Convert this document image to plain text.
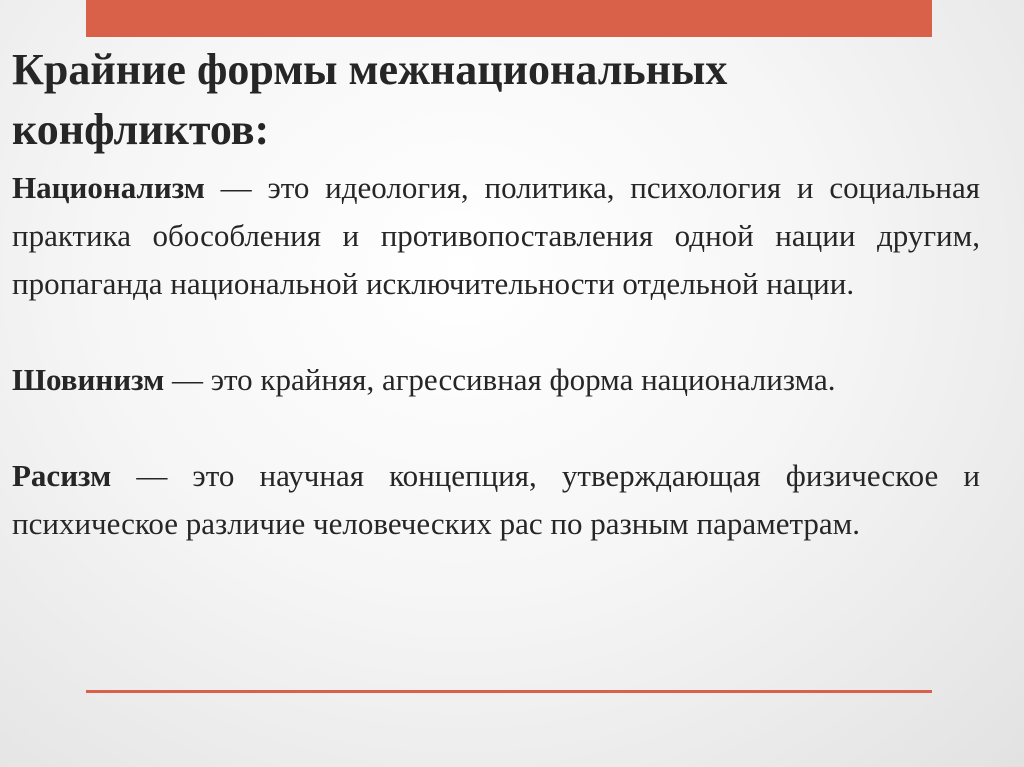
Крайние формы межнациональных конфликтов:

Национализм — это идеология, политика, психология и социальная практика обособления и противопоставления одной нации другим, пропаганда национальной исключительности отдельной нации.

Шовинизм — это крайняя, агрессивная форма национализма.

Расизм — это научная концепция, утверждающая физическое и психическое различие человеческих рас по разным параметрам.
